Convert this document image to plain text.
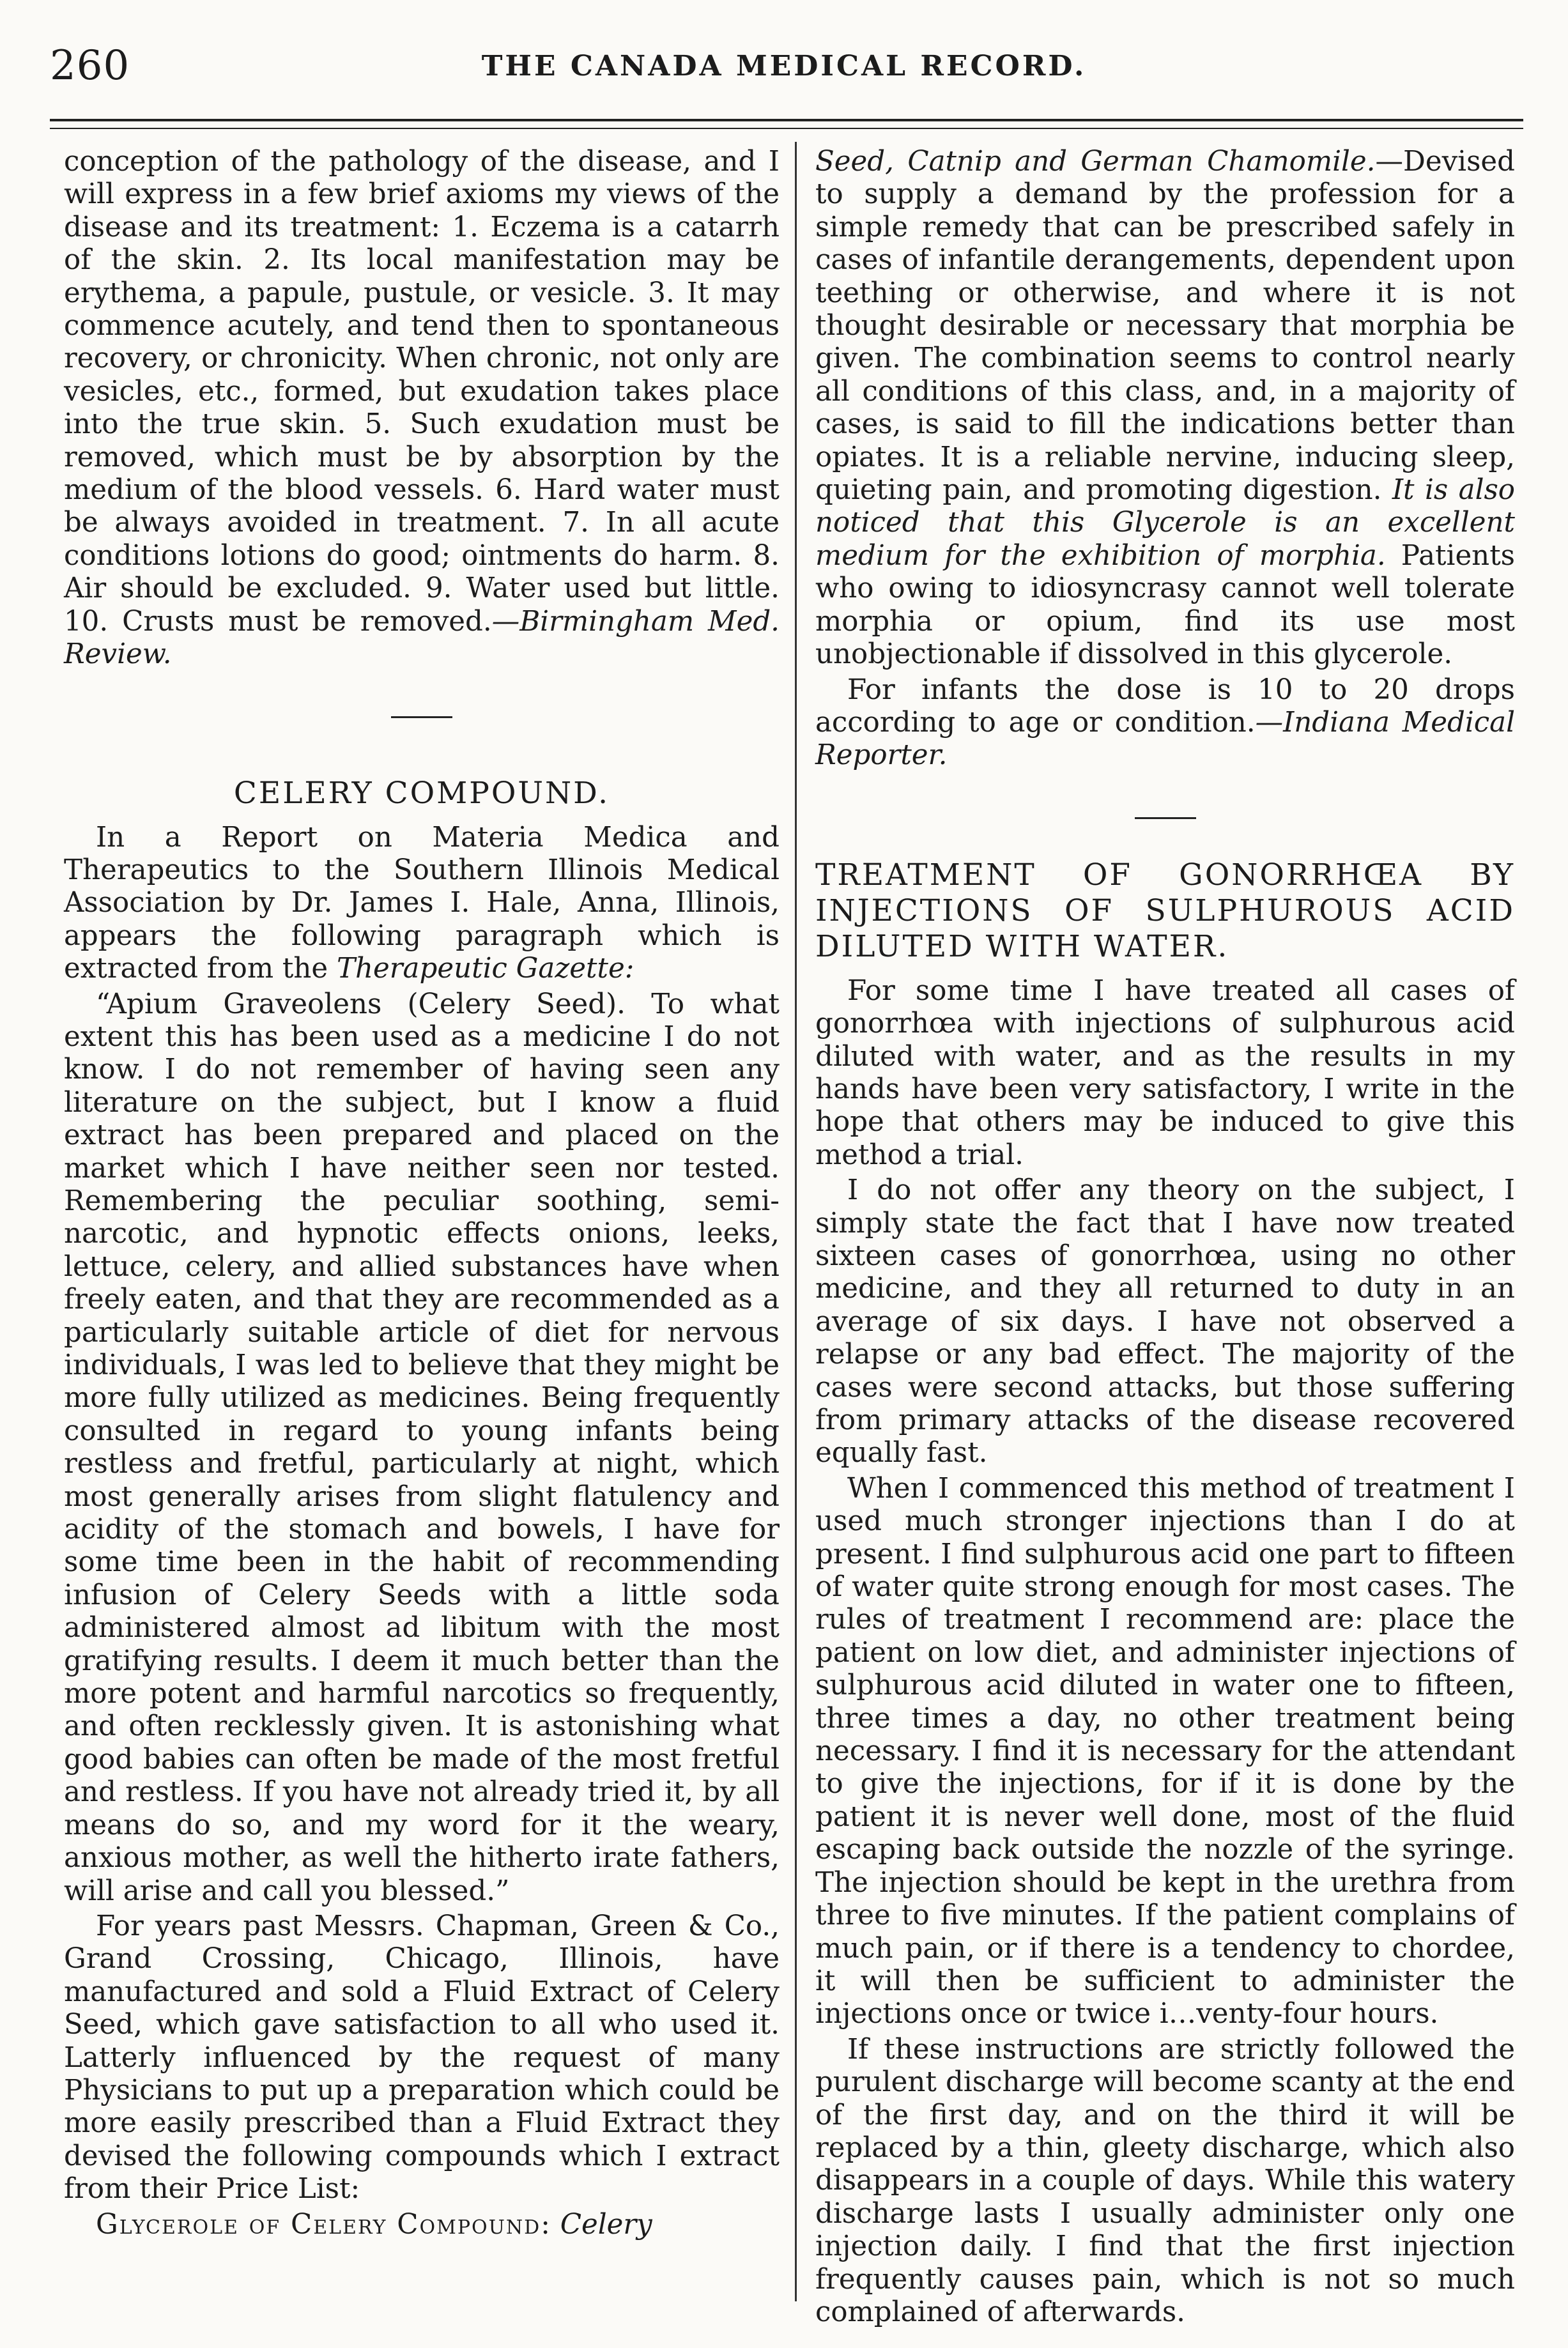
260	THE CANADA MEDICAL RECORD.

conception of the pathology of the disease, and I will express in a few brief axioms my views of the disease and its treatment: 1. Eczema is a catarrh of the skin. 2. Its local manifestation may be erythema, a papule, pustule, or vesicle. 3. It may commence acutely, and tend then to spontaneous recovery, or chronicity. When chronic, not only are vesicles, etc., formed, but exudation takes place into the true skin. 5. Such exudation must be removed, which must be by absorption by the medium of the blood vessels. 6. Hard water must be always avoided in treatment. 7. In all acute conditions lotions do good; ointments do harm. 8. Air should be excluded. 9. Water used but little. 10. Crusts must be removed.—Birmingham Med. Review.

CELERY COMPOUND.

In a Report on Materia Medica and Therapeutics to the Southern Illinois Medical Association by Dr. James I. Hale, Anna, Illinois, appears the following paragraph which is extracted from the Therapeutic Gazette:

“Apium Graveolens (Celery Seed). To what extent this has been used as a medicine I do not know. I do not remember of having seen any literature on the subject, but I know a fluid extract has been prepared and placed on the market which I have neither seen nor tested. Remembering the peculiar soothing, semi-narcotic, and hypnotic effects onions, leeks, lettuce, celery, and allied substances have when freely eaten, and that they are recommended as a particularly suitable article of diet for nervous individuals, I was led to believe that they might be more fully utilized as medicines. Being frequently consulted in regard to young infants being restless and fretful, particularly at night, which most generally arises from slight flatulency and acidity of the stomach and bowels, I have for some time been in the habit of recommending infusion of Celery Seeds with a little soda administered almost ad libitum with the most gratifying results. I deem it much better than the more potent and harmful narcotics so frequently, and often recklessly given. It is astonishing what good babies can often be made of the most fretful and restless. If you have not already tried it, by all means do so, and my word for it the weary, anxious mother, as well the hitherto irate fathers, will arise and call you blessed.”

For years past Messrs. Chapman, Green & Co., Grand Crossing, Chicago, Illinois, have manufactured and sold a Fluid Extract of Celery Seed, which gave satisfaction to all who used it. Latterly influenced by the request of many Physicians to put up a preparation which could be more easily prescribed than a Fluid Extract they devised the following compounds which I extract from their Price List:

Glycerole of Celery Compound: Celery

Seed, Catnip and German Chamomile.—Devised to supply a demand by the profession for a simple remedy that can be prescribed safely in cases of infantile derangements, dependent upon teething or otherwise, and where it is not thought desirable or necessary that morphia be given. The combination seems to control nearly all conditions of this class, and, in a majority of cases, is said to fill the indications better than opiates. It is a reliable nervine, inducing sleep, quieting pain, and promoting digestion. It is also noticed that this Glycerole is an excellent medium for the exhibition of morphia. Patients who owing to idiosyncrasy cannot well tolerate morphia or opium, find its use most unobjectionable if dissolved in this glycerole.

For infants the dose is 10 to 20 drops according to age or condition.—Indiana Medical Reporter.

TREATMENT OF GONORRHŒA BY INJECTIONS OF SULPHUROUS ACID DILUTED WITH WATER.

For some time I have treated all cases of gonorrhœa with injections of sulphurous acid diluted with water, and as the results in my hands have been very satisfactory, I write in the hope that others may be induced to give this method a trial.

I do not offer any theory on the subject, I simply state the fact that I have now treated sixteen cases of gonorrhœa, using no other medicine, and they all returned to duty in an average of six days. I have not observed a relapse or any bad effect. The majority of the cases were second attacks, but those suffering from primary attacks of the disease recovered equally fast.

When I commenced this method of treatment I used much stronger injections than I do at present. I find sulphurous acid one part to fifteen of water quite strong enough for most cases. The rules of treatment I recommend are: place the patient on low diet, and administer injections of sulphurous acid diluted in water one to fifteen, three times a day, no other treatment being necessary. I find it is necessary for the attendant to give the injections, for if it is done by the patient it is never well done, most of the fluid escaping back outside the nozzle of the syringe. The injection should be kept in the urethra from three to five minutes. If the patient complains of much pain, or if there is a tendency to chordee, it will then be sufficient to administer the injections once or twice i…venty-four hours.

If these instructions are strictly followed the purulent discharge will become scanty at the end of the first day, and on the third it will be replaced by a thin, gleety discharge, which also disappears in a couple of days. While this watery discharge lasts I usually administer only one injection daily. I find that the first injection frequently causes pain, which is not so much complained of afterwards.
